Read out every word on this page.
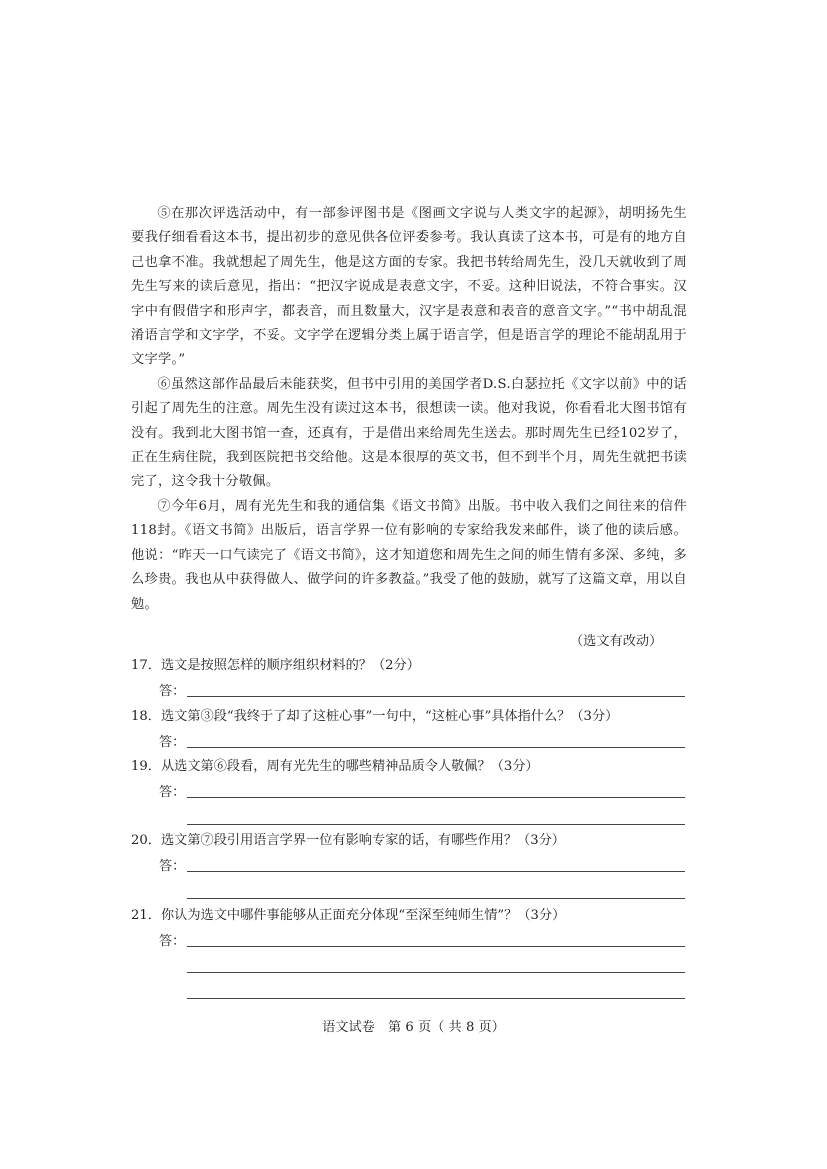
⑤在那次评选活动中，有一部参评图书是《图画文字说与人类文字的起源》，胡明扬先生要我仔细看看这本书，提出初步的意见供各位评委参考。我认真读了这本书，可是有的地方自己也拿不准。我就想起了周先生，他是这方面的专家。我把书转给周先生，没几天就收到了周先生写来的读后意见，指出：“把汉字说成是表意文字，不妥。这种旧说法，不符合事实。汉字中有假借字和形声字，都表音，而且数量大，汉字是表意和表音的意音文字。”“书中胡乱混淆语言学和文字学，不妥。文字学在逻辑分类上属于语言学，但是语言学的理论不能胡乱用于文字学。”

⑥虽然这部作品最后未能获奖，但书中引用的美国学者D.S.白瑟拉托《文字以前》中的话引起了周先生的注意。周先生没有读过这本书，很想读一读。他对我说，你看看北大图书馆有没有。我到北大图书馆一查，还真有，于是借出来给周先生送去。那时周先生已经102岁了，正在生病住院，我到医院把书交给他。这是本很厚的英文书，但不到半个月，周先生就把书读完了，这令我十分敬佩。

⑦今年6月，周有光先生和我的通信集《语文书简》出版。书中收入我们之间往来的信件118封。《语文书简》出版后，语言学界一位有影响的专家给我发来邮件，谈了他的读后感。他说：“昨天一口气读完了《语文书简》，这才知道您和周先生之间的师生情有多深、多纯，多么珍贵。我也从中获得做人、做学问的许多教益。”我受了他的鼓励，就写了这篇文章，用以自勉。

（选文有改动）
17．选文是按照怎样的顺序组织材料的？（2分）
答：
18．选文第③段“我终于了却了这桩心事”一句中，“这桩心事”具体指什么？（3分）
答：
19．从选文第⑥段看，周有光先生的哪些精神品质令人敬佩？（3分）
答：
20．选文第⑦段引用语言学界一位有影响专家的话，有哪些作用？（3分）
答：
21．你认为选文中哪件事能够从正面充分体现“至深至纯师生情”？（3分）
答：
语文试卷　第 6 页（ 共 8 页）
